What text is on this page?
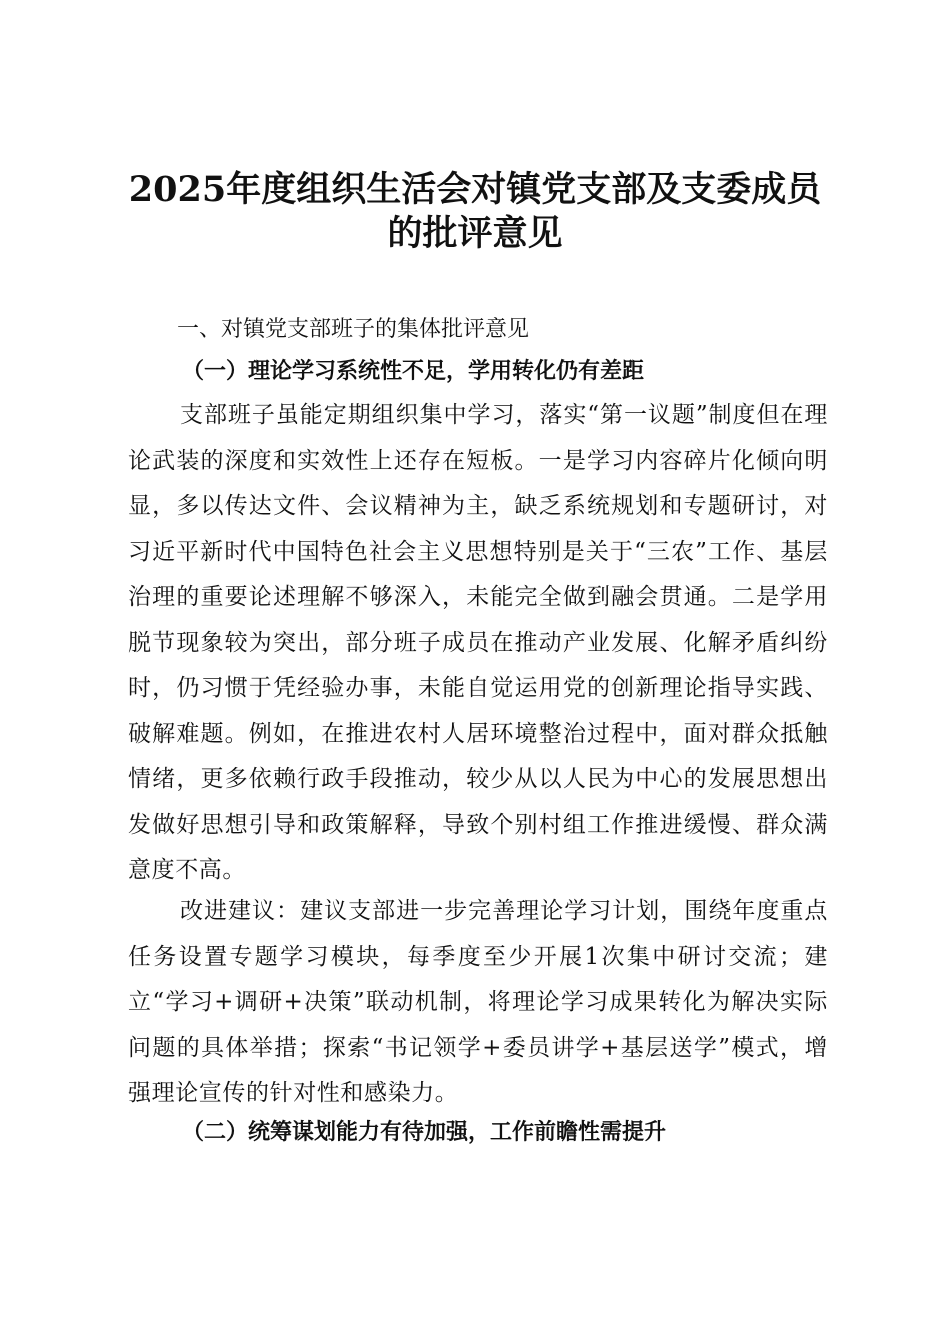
2025年度组织生活会对镇党支部及支委成员
的批评意见
一、对镇党支部班子的集体批评意见
（一）理论学习系统性不足，学用转化仍有差距

支部班子虽能定期组织集中学习，落实“第一议题”制度但在理论武装的深度和实效性上还存在短板。一是学习内容碎片化倾向明显，多以传达文件、会议精神为主，缺乏系统规划和专题研讨，对习近平新时代中国特色社会主义思想特别是关于“三农”工作、基层治理的重要论述理解不够深入，未能完全做到融会贯通。二是学用脱节现象较为突出，部分班子成员在推动产业发展、化解矛盾纠纷时，仍习惯于凭经验办事，未能自觉运用党的创新理论指导实践、破解难题。例如，在推进农村人居环境整治过程中，面对群众抵触情绪，更多依赖行政手段推动，较少从以人民为中心的发展思想出发做好思想引导和政策解释，导致个别村组工作推进缓慢、群众满意度不高。

改进建议：建议支部进一步完善理论学习计划，围绕年度重点任务设置专题学习模块，每季度至少开展1次集中研讨交流；建立“学习+调研+决策”联动机制，将理论学习成果转化为解决实际问题的具体举措；探索“书记领学+委员讲学+基层送学”模式，增强理论宣传的针对性和感染力。

（二）统筹谋划能力有待加强，工作前瞻性需提升
